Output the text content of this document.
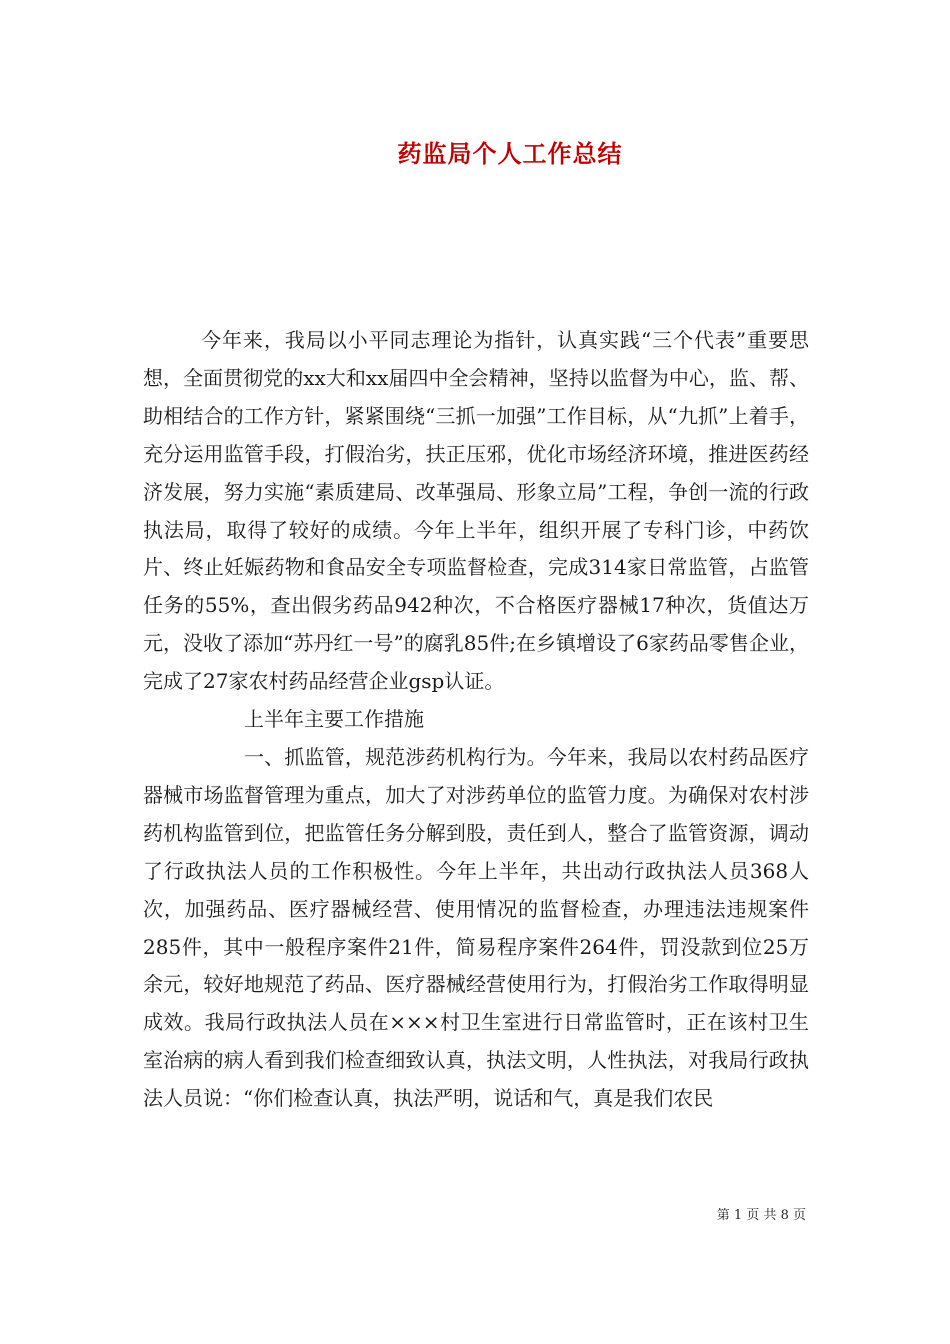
药监局个人工作总结

今年来，我局以小平同志理论为指针，认真实践“三个代表”重要思想，全面贯彻党的xx大和xx届四中全会精神，坚持以监督为中心，监、帮、助相结合的工作方针，紧紧围绕“三抓一加强”工作目标，从“九抓”上着手，充分运用监管手段，打假治劣，扶正压邪，优化市场经济环境，推进医药经济发展，努力实施“素质建局、改革强局、形象立局”工程，争创一流的行政执法局，取得了较好的成绩。今年上半年，组织开展了专科门诊，中药饮片、终止妊娠药物和食品安全专项监督检查，完成314家日常监管，占监管任务的55%，查出假劣药品942种次，不合格医疗器械17种次，货值达万元，没收了添加“苏丹红一号”的腐乳85件;在乡镇增设了6家药品零售企业，完成了27家农村药品经营企业gsp认证。

上半年主要工作措施

一、抓监管，规范涉药机构行为。今年来，我局以农村药品医疗器械市场监督管理为重点，加大了对涉药单位的监管力度。为确保对农村涉药机构监管到位，把监管任务分解到股，责任到人，整合了监管资源，调动了行政执法人员的工作积极性。今年上半年，共出动行政执法人员368人次，加强药品、医疗器械经营、使用情况的监督检查，办理违法违规案件285件，其中一般程序案件21件，简易程序案件264件，罚没款到位25万余元，较好地规范了药品、医疗器械经营使用行为，打假治劣工作取得明显成效。我局行政执法人员在×××村卫生室进行日常监管时，正在该村卫生室治病的病人看到我们检查细致认真，执法文明，人性执法，对我局行政执法人员说：“你们检查认真，执法严明，说话和气，真是我们农民

第 1 页 共 8 页
